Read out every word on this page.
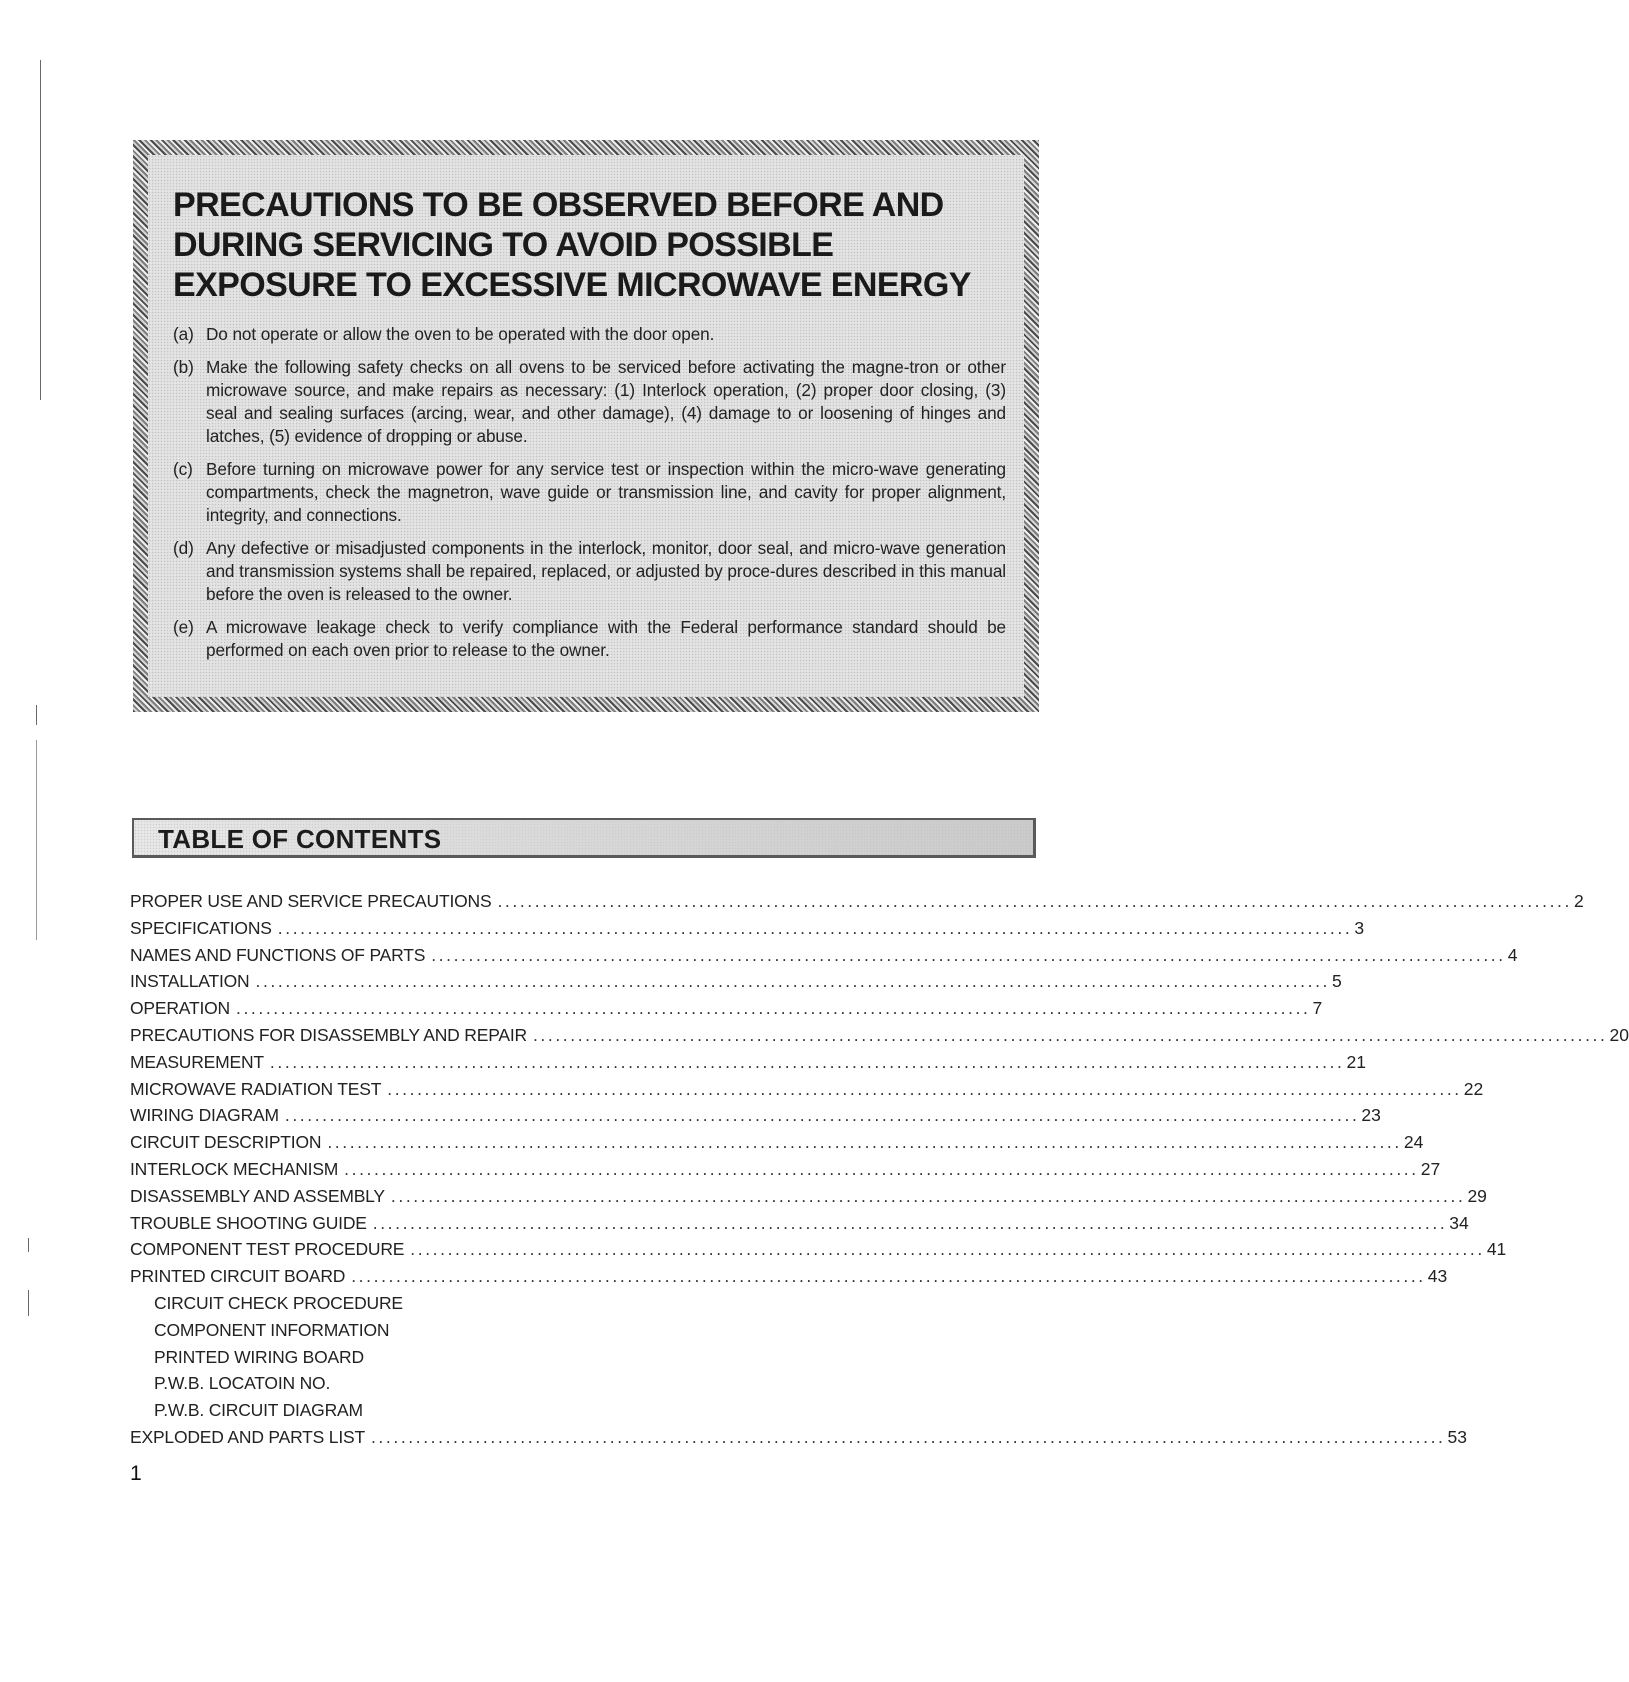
PRECAUTIONS TO BE OBSERVED BEFORE AND
DURING SERVICING TO AVOID POSSIBLE
EXPOSURE TO EXCESSIVE MICROWAVE ENERGY
(a) Do not operate or allow the oven to be operated with the door open.
(b) Make the following safety checks on all ovens to be serviced before activating the magne-tron or other microwave source, and make repairs as necessary: (1) Interlock operation, (2) proper door closing, (3) seal and sealing surfaces (arcing, wear, and other damage), (4) damage to or loosening of hinges and latches, (5) evidence of dropping or abuse.
(c) Before turning on microwave power for any service test or inspection within the micro-wave generating compartments, check the magnetron, wave guide or transmission line, and cavity for proper alignment, integrity, and connections.
(d) Any defective or misadjusted components in the interlock, monitor, door seal, and micro-wave generation and transmission systems shall be repaired, replaced, or adjusted by proce-dures described in this manual before the oven is released to the owner.
(e) A microwave leakage check to verify compliance with the Federal performance standard should be performed on each oven prior to release to the owner.
TABLE OF CONTENTS
PROPER USE AND SERVICE PRECAUTIONS ................................................................................................................................................ 2
SPECIFICATIONS ................................................................................................................................................ 3
NAMES AND FUNCTIONS OF PARTS ................................................................................................................................................ 4
INSTALLATION ................................................................................................................................................ 5
OPERATION ................................................................................................................................................ 7
PRECAUTIONS FOR DISASSEMBLY AND REPAIR ................................................................................................................................................ 20
MEASUREMENT ................................................................................................................................................ 21
MICROWAVE RADIATION TEST ................................................................................................................................................ 22
WIRING DIAGRAM ................................................................................................................................................ 23
CIRCUIT DESCRIPTION ................................................................................................................................................ 24
INTERLOCK MECHANISM ................................................................................................................................................ 27
DISASSEMBLY AND ASSEMBLY ................................................................................................................................................ 29
TROUBLE SHOOTING GUIDE ................................................................................................................................................ 34
COMPONENT TEST PROCEDURE ................................................................................................................................................ 41
PRINTED CIRCUIT BOARD ................................................................................................................................................ 43
CIRCUIT CHECK PROCEDURE
COMPONENT INFORMATION
PRINTED WIRING BOARD
P.W.B. LOCATOIN NO.
P.W.B. CIRCUIT DIAGRAM
EXPLODED AND PARTS LIST ................................................................................................................................................ 53
1
